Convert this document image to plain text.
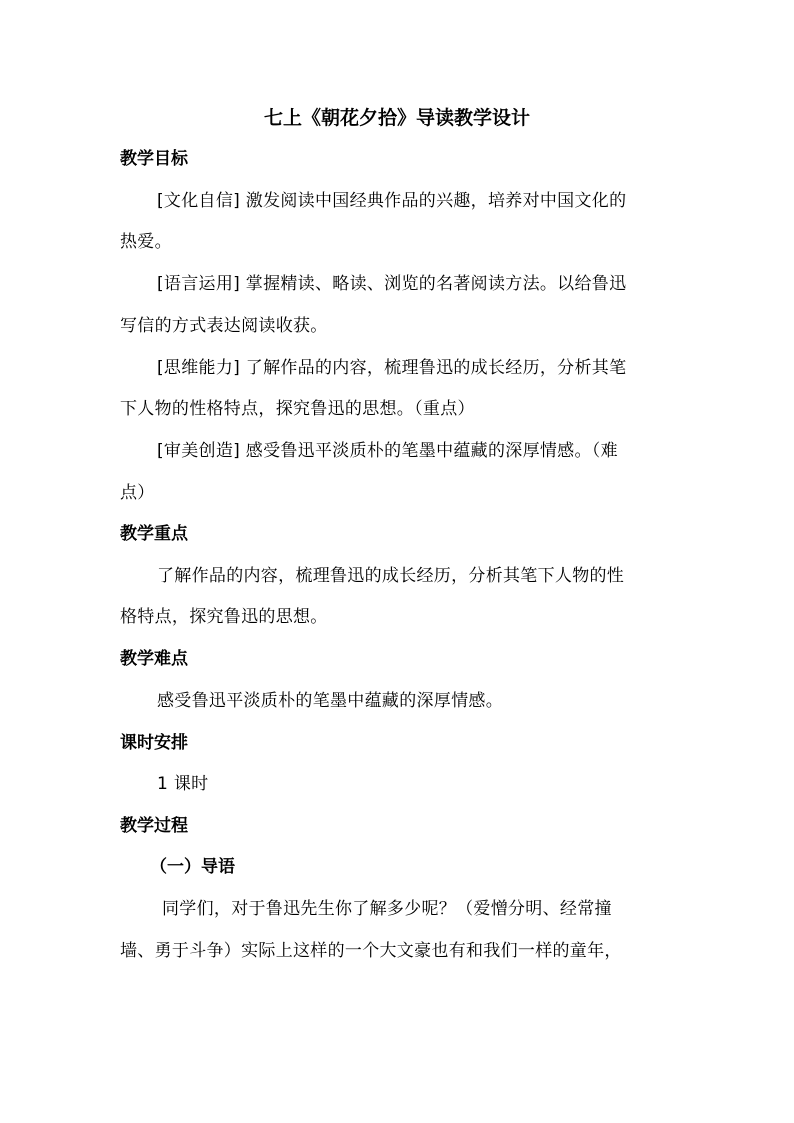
七上《朝花夕拾》导读教学设计
教学目标
[文化自信] 激发阅读中国经典作品的兴趣，培养对中国文化的
热爱。
[语言运用] 掌握精读、略读、浏览的名著阅读方法。以给鲁迅
写信的方式表达阅读收获。
[思维能力] 了解作品的内容，梳理鲁迅的成长经历，分析其笔
下人物的性格特点，探究鲁迅的思想。（重点）
[审美创造] 感受鲁迅平淡质朴的笔墨中蕴藏的深厚情感。（难
点）
教学重点
了解作品的内容，梳理鲁迅的成长经历，分析其笔下人物的性
格特点，探究鲁迅的思想。
教学难点
感受鲁迅平淡质朴的笔墨中蕴藏的深厚情感。
课时安排
1 课时
教学过程
（一）导语
同学们，对于鲁迅先生你了解多少呢？（爱憎分明、经常撞
墙、勇于斗争）实际上这样的一个大文豪也有和我们一样的童年，
